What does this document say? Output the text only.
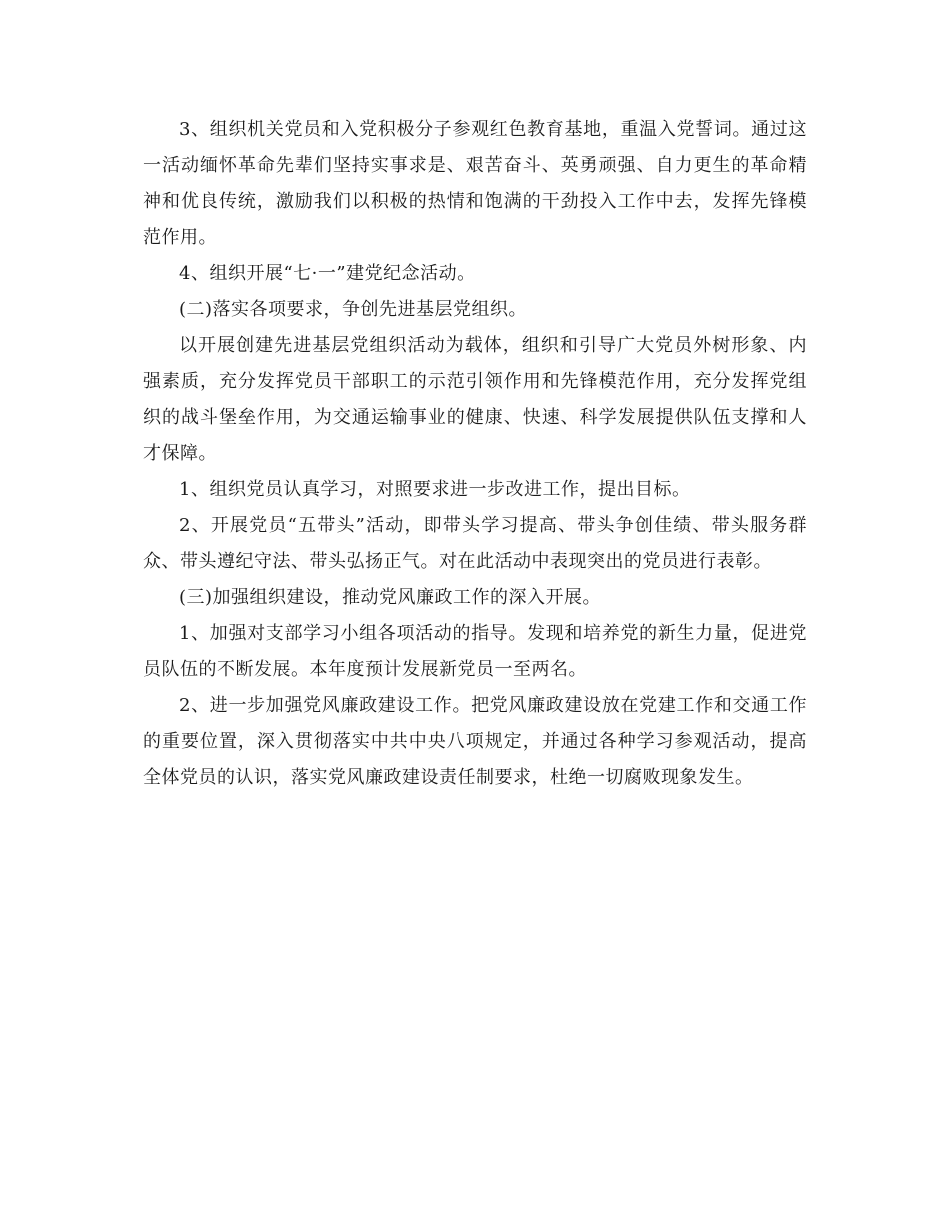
3、组织机关党员和入党积极分子参观红色教育基地，重温入党誓词。通过这一活动缅怀革命先辈们坚持实事求是、艰苦奋斗、英勇顽强、自力更生的革命精神和优良传统，激励我们以积极的热情和饱满的干劲投入工作中去，发挥先锋模范作用。

4、组织开展“七·一”建党纪念活动。

(二)落实各项要求，争创先进基层党组织。

以开展创建先进基层党组织活动为载体，组织和引导广大党员外树形象、内强素质，充分发挥党员干部职工的示范引领作用和先锋模范作用，充分发挥党组织的战斗堡垒作用，为交通运输事业的健康、快速、科学发展提供队伍支撑和人才保障。

1、组织党员认真学习，对照要求进一步改进工作，提出目标。

2、开展党员“五带头”活动，即带头学习提高、带头争创佳绩、带头服务群众、带头遵纪守法、带头弘扬正气。对在此活动中表现突出的党员进行表彰。

(三)加强组织建设，推动党风廉政工作的深入开展。

1、加强对支部学习小组各项活动的指导。发现和培养党的新生力量，促进党员队伍的不断发展。本年度预计发展新党员一至两名。

2、进一步加强党风廉政建设工作。把党风廉政建设放在党建工作和交通工作的重要位置，深入贯彻落实中共中央八项规定，并通过各种学习参观活动，提高全体党员的认识，落实党风廉政建设责任制要求，杜绝一切腐败现象发生。
